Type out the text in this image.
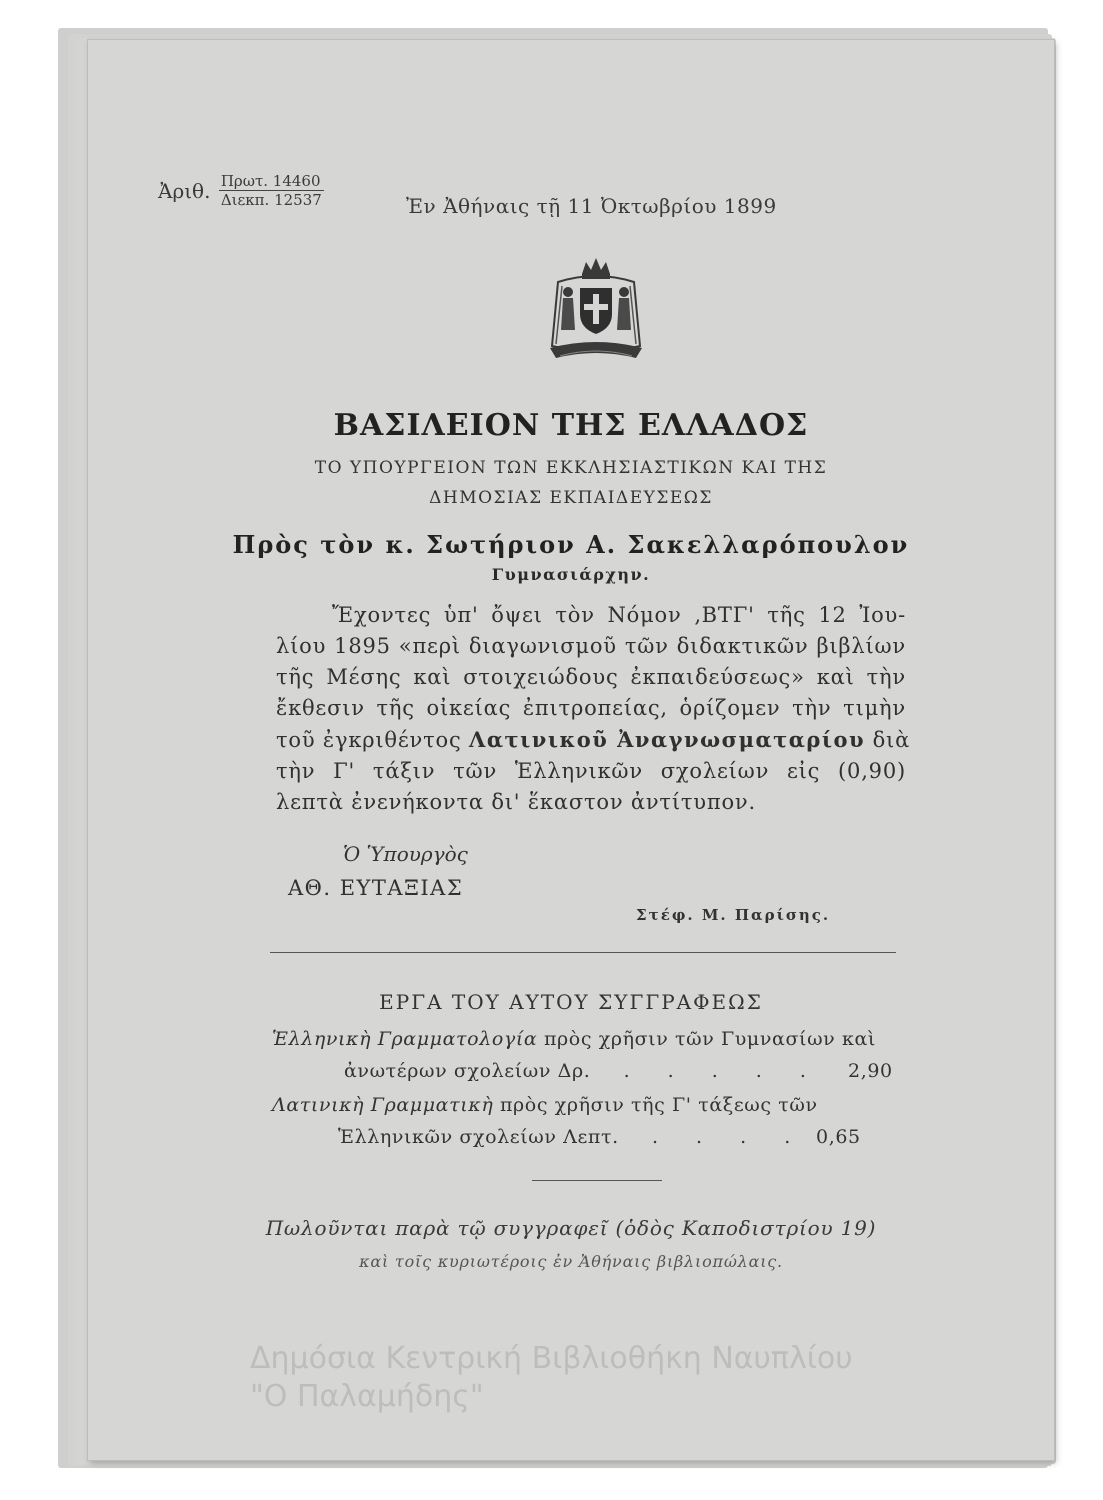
Ἀριθ. $\frac{\text{Πρωτ. 14460}}{\text{Διεκπ. 12537}}$	Ἐν Ἀθήναις τῇ 11 Ὀκτωβρίου 1899
ΒΑΣΙΛΕΙΟΝ ΤΗΣ ΕΛΛΑΔΟΣ
ΤΟ ΥΠΟΥΡΓΕΙΟΝ ΤΩΝ ΕΚΚΛΗΣΙΑΣΤΙΚΩΝ ΚΑΙ ΤΗΣ
ΔΗΜΟΣΙΑΣ ΕΚΠΑΙΔΕΥΣΕΩΣ
Πρὸς τὸν κ. Σωτήριον Α. Σακελλαρόπουλον
Γυμνασιάρχην.
Ἔχοντες ὑπ' ὄψει τὸν Νόμον ‚ΒΤΓ' τῆς 12 Ἰου-
λίου 1895 «περὶ διαγωνισμοῦ τῶν διδακτικῶν βιβλίων
τῆς Μέσης καὶ στοιχειώδους ἐκπαιδεύσεως» καὶ τὴν
ἔκθεσιν τῆς οἰκείας ἐπιτροπείας, ὁρίζομεν τὴν τιμὴν
τοῦ ἐγκριθέντος Λατινικοῦ Ἀναγνωσματαρίου διὰ
τὴν Γ' τάξιν τῶν Ἑλληνικῶν σχολείων εἰς (0,90)
λεπτὰ ἐνενήκοντα δι' ἕκαστον ἀντίτυπον.
Ὁ Ὑπουργὸς
ΑΘ. ΕΥΤΑΞΙΑΣ
Στέφ. Μ. Παρίσης.
ΕΡΓΑ ΤΟΥ ΑΥΤΟΥ ΣΥΓΓΡΑΦΕΩΣ
Ἑλληνικὴ Γραμματολογία πρὸς χρῆσιν τῶν Γυμνασίων καὶ
ἀνωτέρων σχολείων Δρ. . . . . . 2,90
Λατινικὴ Γραμματικὴ πρὸς χρῆσιν τῆς Γ' τάξεως τῶν
Ἑλληνικῶν σχολείων Λεπτ. . . . . 0,65
Πωλοῦνται παρὰ τῷ συγγραφεῖ (ὁδὸς Καποδιστρίου 19)
καὶ τοῖς κυριωτέροις ἐν Ἀθήναις βιβλιοπώλαις.
Δημόσια Κεντρική Βιβλιοθήκη Ναυπλίου
"Ο Παλαμήδης"
